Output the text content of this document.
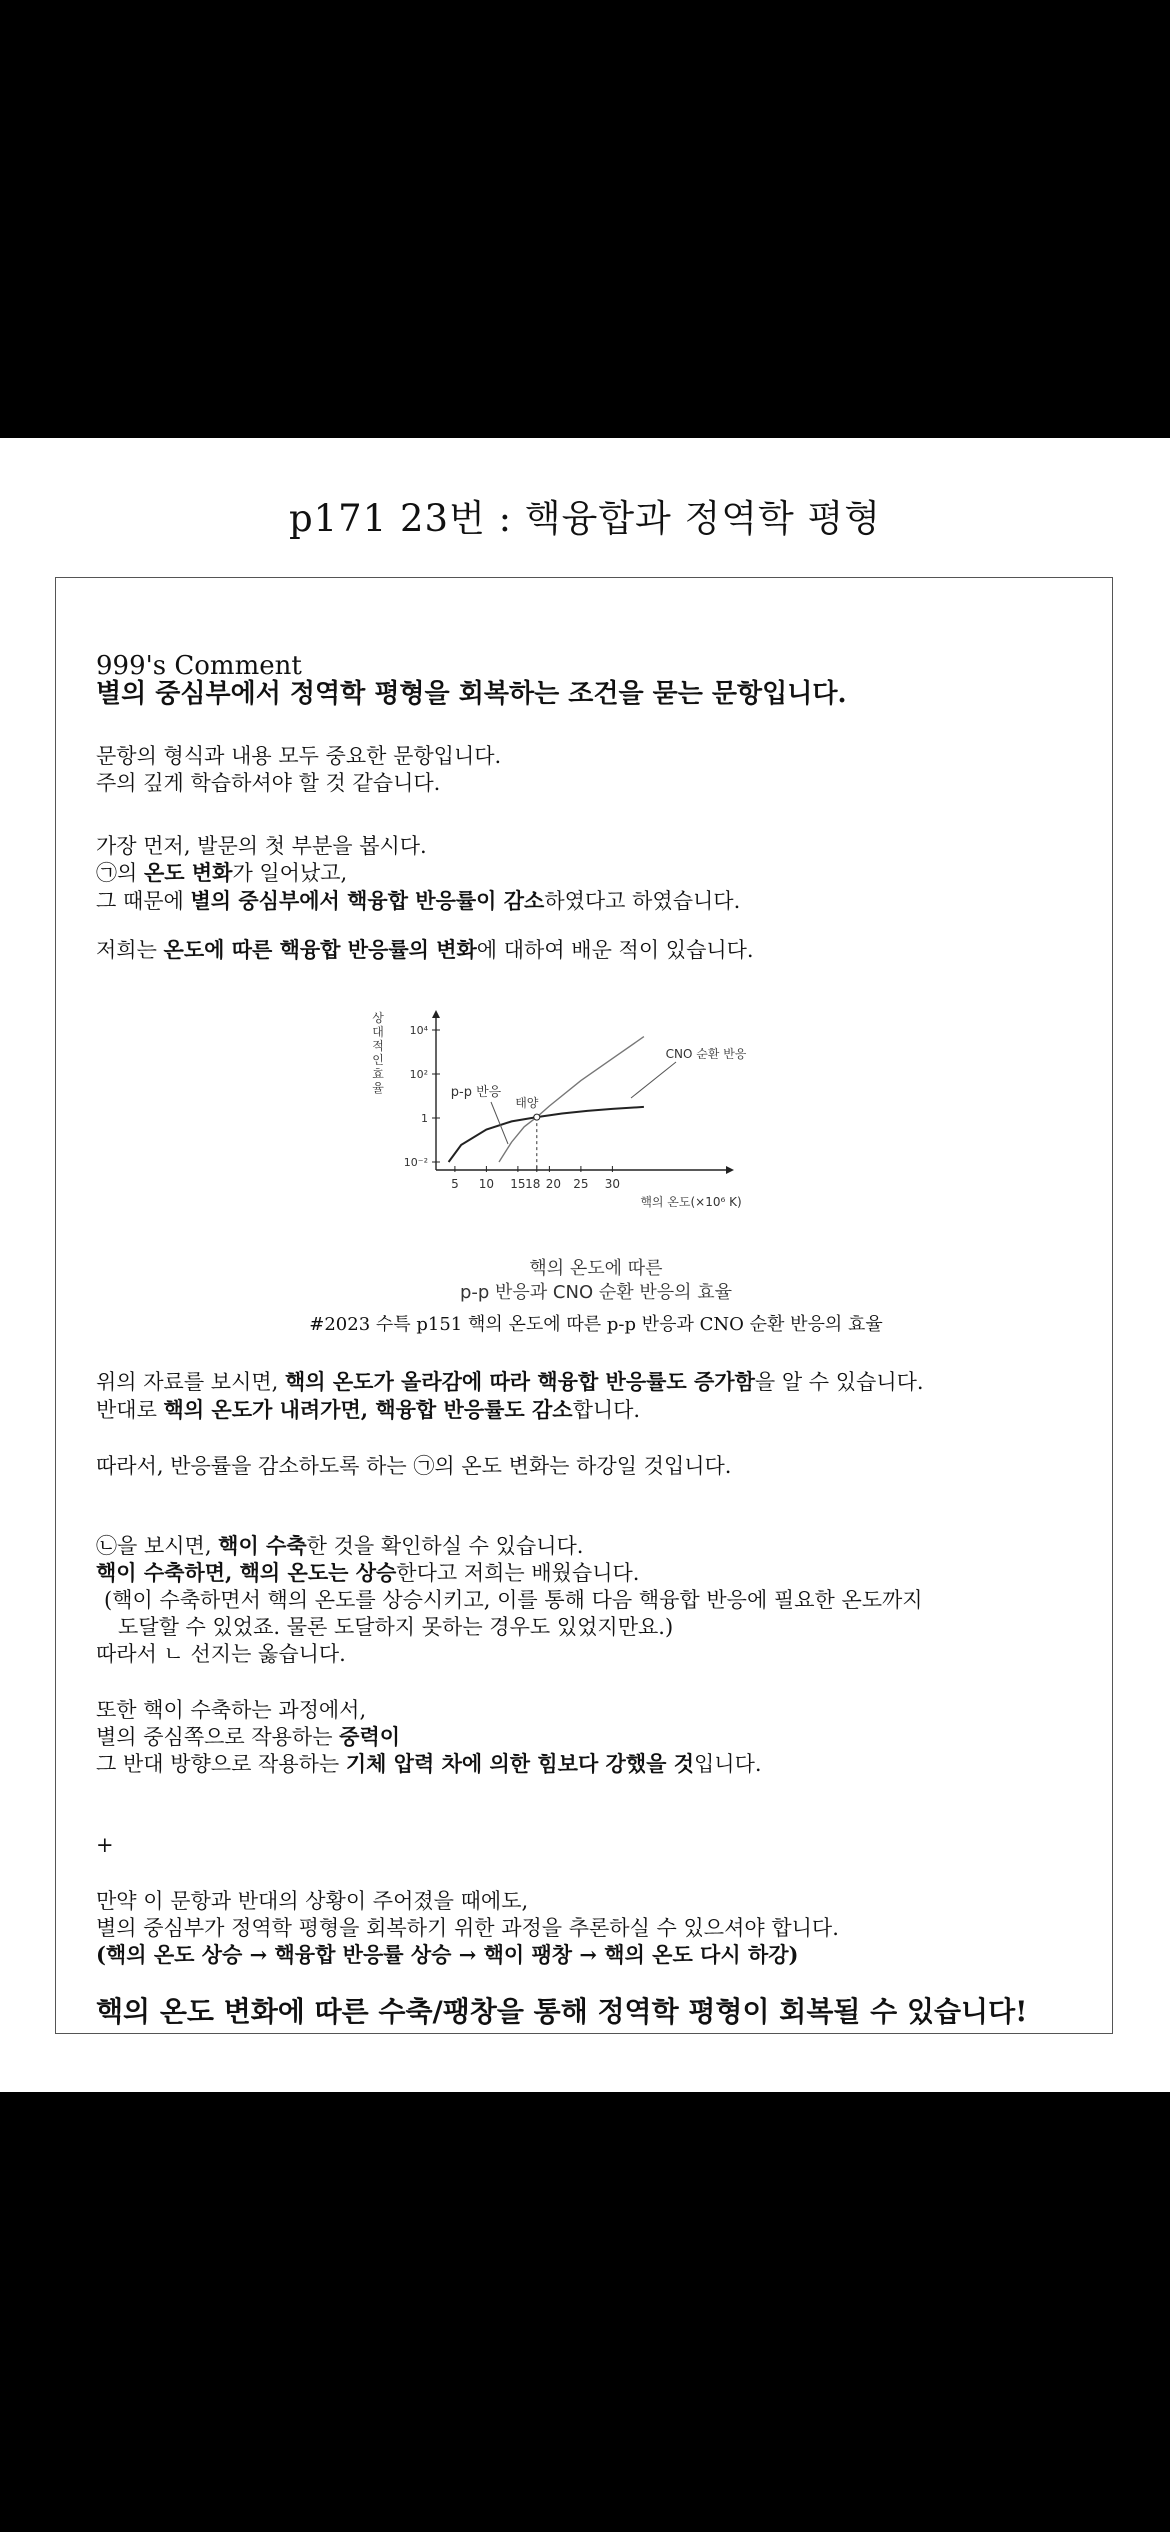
p171 23번 : 핵융합과 정역학 평형
999's Comment
별의 중심부에서 정역학 평형을 회복하는 조건을 묻는 문항입니다.
문항의 형식과 내용 모두 중요한 문항입니다.
주의 깊게 학습하셔야 할 것 같습니다.
가장 먼저, 발문의 첫 부분을 봅시다.
㉠의 온도 변화가 일어났고,
그 때문에 별의 중심부에서 핵융합 반응률이 감소하였다고 하였습니다.
저희는 온도에 따른 핵융합 반응률의 변화에 대하여 배운 적이 있습니다.
10⁴
10²
1
10⁻²
5 10 15 18 20 25 30
핵의 온도(×10⁶ K)
상
대
적
인
효
율	p-p 반응
CNO 순환 반응
태양
핵의 온도에 따른
p-p 반응과 CNO 순환 반응의 효율
#2023 수특 p151 핵의 온도에 따른 p-p 반응과 CNO 순환 반응의 효율
위의 자료를 보시면, 핵의 온도가 올라감에 따라 핵융합 반응률도 증가함을 알 수 있습니다.
반대로 핵의 온도가 내려가면, 핵융합 반응률도 감소합니다.
따라서, 반응률을 감소하도록 하는 ㉠의 온도 변화는 하강일 것입니다.
㉡을 보시면, 핵이 수축한 것을 확인하실 수 있습니다.
핵이 수축하면, 핵의 온도는 상승한다고 저희는 배웠습니다.
(핵이 수축하면서 핵의 온도를 상승시키고, 이를 통해 다음 핵융합 반응에 필요한 온도까지
도달할 수 있었죠. 물론 도달하지 못하는 경우도 있었지만요.)
따라서 ㄴ 선지는 옳습니다.
또한 핵이 수축하는 과정에서,
별의 중심쪽으로 작용하는 중력이
그 반대 방향으로 작용하는 기체 압력 차에 의한 힘보다 강했을 것입니다.
+
만약 이 문항과 반대의 상황이 주어졌을 때에도,
별의 중심부가 정역학 평형을 회복하기 위한 과정을 추론하실 수 있으셔야 합니다.
(핵의 온도 상승 → 핵융합 반응률 상승 → 핵이 팽창 → 핵의 온도 다시 하강)
핵의 온도 변화에 따른 수축/팽창을 통해 정역학 평형이 회복될 수 있습니다!
